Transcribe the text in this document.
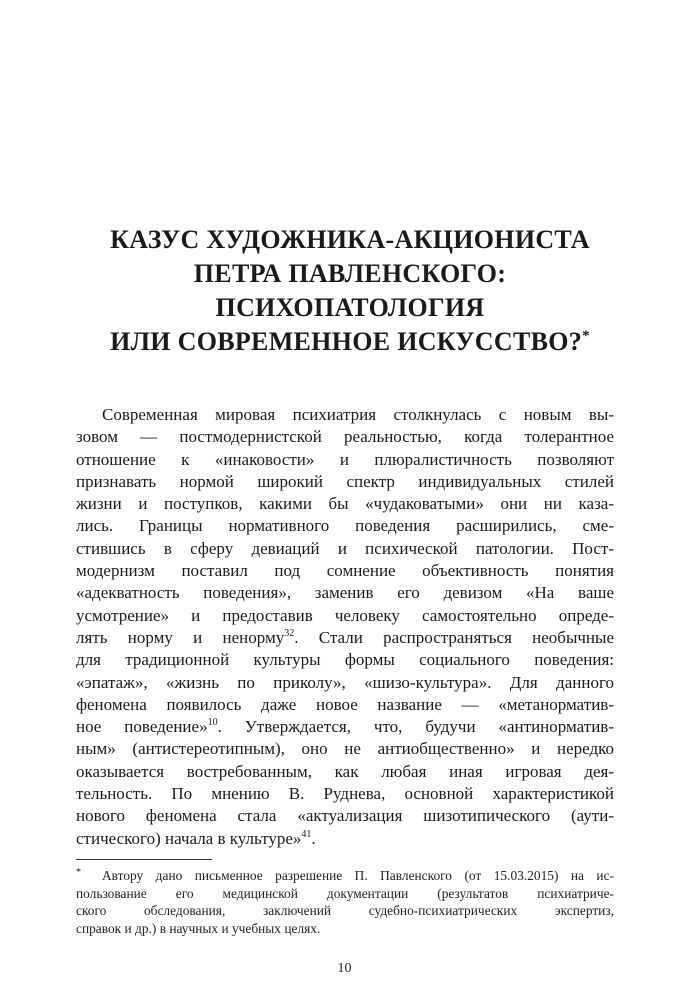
КАЗУС ХУДОЖНИКА-АКЦИОНИСТА
ПЕТРА ПАВЛЕНСКОГО:
ПСИХОПАТОЛОГИЯ
ИЛИ СОВРЕМЕННОЕ ИСКУССТВО?*
Современная мировая психиатрия столкнулась с новым вы-
зовом — постмодернистской реальностью, когда толерантное
отношение к «инаковости» и плюралистичность позволяют
признавать нормой широкий спектр индивидуальных стилей
жизни и поступков, какими бы «чудаковатыми» они ни каза-
лись. Границы нормативного поведения расширились, сме-
стившись в сферу девиаций и психической патологии. Пост-
модернизм поставил под сомнение объективность понятия
«адекватность поведения», заменив его девизом «На ваше
усмотрение» и предоставив человеку самостоятельно опреде-
лять норму и ненорму$^{32}$. Стали распространяться необычные
для традиционной культуры формы социального поведения:
«эпатаж», «жизнь по приколу», «шизо-культура». Для данного
феномена появилось даже новое название — «метанорматив-
ное поведение»$^{10}$. Утверждается, что, будучи «антинорматив-
ным» (антистереотипным), оно не антиобщественно» и нередко
оказывается востребованным, как любая иная игровая дея-
тельность. По мнению В. Руднева, основной характеристикой
нового феномена стала «актуализация шизотипического (аути-
стического) начала в культуре»$^{41}$.
*	Автору дано письменное разрешение П. Павленского (от 15.03.2015) на ис-
пользование его медицинской документации (результатов психиатриче-
ского обследования, заключений судебно-психиатрических экспертиз,
справок и др.) в научных и учебных целях.
10
